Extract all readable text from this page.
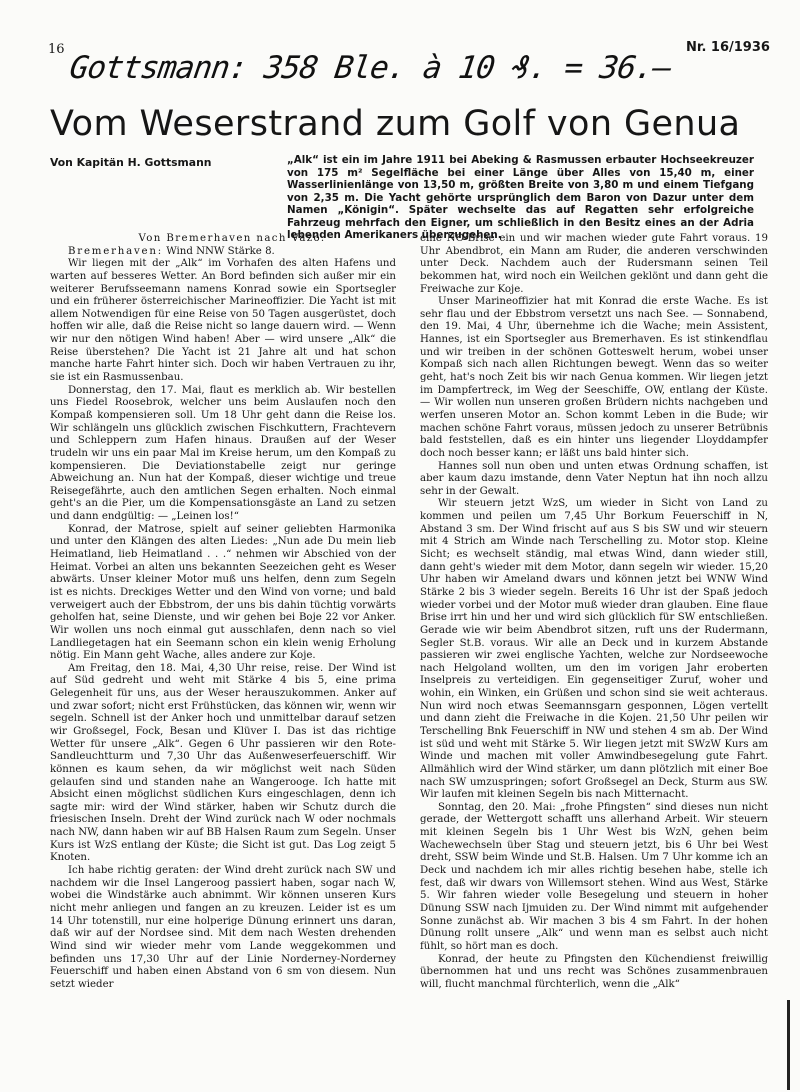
16	Nr. 16/1936
Gottsmann: 358 Ble. à 10 ₰. = 36.–
Vom Weserstrand zum Golf von Genua
Von Kapitän H. Gottsmann	„Alk“ ist ein im Jahre 1911 bei Abeking & Rasmussen erbauter Hochseekreuzer von 175 m² Segelfläche bei einer Länge über Alles von 15,40 m, einer Wasserlinienlänge von 13,50 m, größten Breite von 3,80 m und einem Tiefgang von 2,35 m. Die Yacht gehörte ursprünglich dem Baron von Dazur unter dem Namen „Königin“. Später wechselte das auf Regatten sehr erfolgreiche Fahrzeug mehrfach den Eigner, um schließlich in den Besitz eines an der Adria lebenden Amerikaners überzugehen.

Von Bremerhaven nach Väzo.

Bremerhaven: Wind NNW Stärke 8.

Wir liegen mit der „Alk“ im Vorhafen des alten Hafens und warten auf besseres Wetter. An Bord befinden sich außer mir ein weiterer Berufsseemann namens Konrad sowie ein Sportsegler und ein früherer österreichischer Marineoffizier. Die Yacht ist mit allem Notwendigen für eine Reise von 50 Tagen ausgerüstet, doch hoffen wir alle, daß die Reise nicht so lange dauern wird. — Wenn wir nur den nötigen Wind haben! Aber — wird unsere „Alk“ die Reise überstehen? Die Yacht ist 21 Jahre alt und hat schon manche harte Fahrt hinter sich. Doch wir haben Vertrauen zu ihr, sie ist ein Rasmussenbau.

Donnerstag, den 17. Mai, flaut es merklich ab. Wir bestellen uns Fiedel Roosebrok, welcher uns beim Auslaufen noch den Kompaß kompensieren soll. Um 18 Uhr geht dann die Reise los. Wir schlängeln uns glücklich zwischen Fischkuttern, Frachtevern und Schleppern zum Hafen hinaus. Draußen auf der Weser trudeln wir uns ein paar Mal im Kreise herum, um den Kompaß zu kompensieren. Die Deviationstabelle zeigt nur geringe Abweichung an. Nun hat der Kompaß, dieser wichtige und treue Reisegefährte, auch den amtlichen Segen erhalten. Noch einmal geht's an die Pier, um die Kompensationsgäste an Land zu setzen und dann endgültig: — „Leinen los!“

Konrad, der Matrose, spielt auf seiner geliebten Harmonika und unter den Klängen des alten Liedes: „Nun ade Du mein lieb Heimatland, lieb Heimatland . . .“ nehmen wir Abschied von der Heimat. Vorbei an alten uns bekannten Seezeichen geht es Weser abwärts. Unser kleiner Motor muß uns helfen, denn zum Segeln ist es nichts. Dreckiges Wetter und den Wind von vorne; und bald verweigert auch der Ebbstrom, der uns bis dahin tüchtig vorwärts geholfen hat, seine Dienste, und wir gehen bei Boje 22 vor Anker. Wir wollen uns noch einmal gut ausschlafen, denn nach so viel Landliegetagen hat ein Seemann schon ein klein wenig Erholung nötig. Ein Mann geht Wache, alles andere zur Koje.

Am Freitag, den 18. Mai, 4,30 Uhr reise, reise. Der Wind ist auf Süd gedreht und weht mit Stärke 4 bis 5, eine prima Gelegenheit für uns, aus der Weser herauszukommen. Anker auf und zwar sofort; nicht erst Frühstücken, das können wir, wenn wir segeln. Schnell ist der Anker hoch und unmittelbar darauf setzen wir Großsegel, Fock, Besan und Klüver I. Das ist das richtige Wetter für unsere „Alk“. Gegen 6 Uhr passieren wir den Rote-Sandleuchtturm und 7,30 Uhr das Außenweserfeuerschiff. Wir können es kaum sehen, da wir möglichst weit nach Süden gelaufen sind und standen nahe an Wangerooge. Ich hatte mit Absicht einen möglichst südlichen Kurs eingeschlagen, denn ich sagte mir: wird der Wind stärker, haben wir Schutz durch die friesischen Inseln. Dreht der Wind zurück nach W oder nochmals nach NW, dann haben wir auf BB Halsen Raum zum Segeln. Unser Kurs ist WzS entlang der Küste; die Sicht ist gut. Das Log zeigt 5 Knoten.

Ich habe richtig geraten: der Wind dreht zurück nach SW und nachdem wir die Insel Langeroog passiert haben, sogar nach W, wobei die Windstärke auch abnimmt. Wir können unseren Kurs nicht mehr anliegen und fangen an zu kreuzen. Leider ist es um 14 Uhr totenstill, nur eine holperige Dünung erinnert uns daran, daß wir auf der Nordsee sind. Mit dem nach Westen drehenden Wind sind wir wieder mehr vom Lande weggekommen und befinden uns 17,30 Uhr auf der Linie Norderney-Norderney Feuerschiff und haben einen Abstand von 6 sm von diesem. Nun setzt wieder

eine NO-Brise ein und wir machen wieder gute Fahrt voraus. 19 Uhr Abendbrot, ein Mann am Ruder, die anderen verschwinden unter Deck. Nachdem auch der Rudersmann seinen Teil bekommen hat, wird noch ein Weilchen geklönt und dann geht die Freiwache zur Koje.

Unser Marineoffizier hat mit Konrad die erste Wache. Es ist sehr flau und der Ebbstrom versetzt uns nach See. — Sonnabend, den 19. Mai, 4 Uhr, übernehme ich die Wache; mein Assistent, Hannes, ist ein Sportsegler aus Bremerhaven. Es ist stinkendflau und wir treiben in der schönen Gotteswelt herum, wobei unser Kompaß sich nach allen Richtungen bewegt. Wenn das so weiter geht, hat's noch Zeit bis wir nach Genua kommen. Wir liegen jetzt im Dampfertreck, im Weg der Seeschiffe, OW, entlang der Küste. — Wir wollen nun unseren großen Brüdern nichts nachgeben und werfen unseren Motor an. Schon kommt Leben in die Bude; wir machen schöne Fahrt voraus, müssen jedoch zu unserer Betrübnis bald feststellen, daß es ein hinter uns liegender Lloyddampfer doch noch besser kann; er läßt uns bald hinter sich.

Hannes soll nun oben und unten etwas Ordnung schaffen, ist aber kaum dazu imstande, denn Vater Neptun hat ihn noch allzu sehr in der Gewalt.

Wir steuern jetzt WzS, um wieder in Sicht von Land zu kommen und peilen um 7,45 Uhr Borkum Feuerschiff in N, Abstand 3 sm. Der Wind frischt auf aus S bis SW und wir steuern mit 4 Strich am Winde nach Terschelling zu. Motor stop. Kleine Sicht; es wechselt ständig, mal etwas Wind, dann wieder still, dann geht's wieder mit dem Motor, dann segeln wir wieder. 15,20 Uhr haben wir Ameland dwars und können jetzt bei WNW Wind Stärke 2 bis 3 wieder segeln. Bereits 16 Uhr ist der Spaß jedoch wieder vorbei und der Motor muß wieder dran glauben. Eine flaue Brise irrt hin und her und wird sich glücklich für SW entschließen. Gerade wie wir beim Abendbrot sitzen, ruft uns der Rudermann, Segler St.B. voraus. Wir alle an Deck und in kurzem Abstande passieren wir zwei englische Yachten, welche zur Nordseewoche nach Helgoland wollten, um den im vorigen Jahr eroberten Inselpreis zu verteidigen. Ein gegenseitiger Zuruf, woher und wohin, ein Winken, ein Grüßen und schon sind sie weit achteraus. Nun wird noch etwas Seemannsgarn gesponnen, Lögen vertellt und dann zieht die Freiwache in die Kojen. 21,50 Uhr peilen wir Terschelling Bnk Feuerschiff in NW und stehen 4 sm ab. Der Wind ist süd und weht mit Stärke 5. Wir liegen jetzt mit SWzW Kurs am Winde und machen mit voller Amwindbesegelung gute Fahrt. Allmählich wird der Wind stärker, um dann plötzlich mit einer Boe nach SW umzuspringen; sofort Großsegel an Deck, Sturm aus SW. Wir laufen mit kleinen Segeln bis nach Mitternacht.

Sonntag, den 20. Mai: „frohe Pfingsten“ sind dieses nun nicht gerade, der Wettergott schafft uns allerhand Arbeit. Wir steuern mit kleinen Segeln bis 1 Uhr West bis WzN, gehen beim Wachewechseln über Stag und steuern jetzt, bis 6 Uhr bei West dreht, SSW beim Winde und St.B. Halsen. Um 7 Uhr komme ich an Deck und nachdem ich mir alles richtig besehen habe, stelle ich fest, daß wir dwars von Willemsort stehen. Wind aus West, Stärke 5. Wir fahren wieder volle Besegelung und steuern in hoher Dünung SSW nach Ijmuiden zu. Der Wind nimmt mit aufgehender Sonne zunächst ab. Wir machen 3 bis 4 sm Fahrt. In der hohen Dünung rollt unsere „Alk“ und wenn man es selbst auch nicht fühlt, so hört man es doch.

Konrad, der heute zu Pfingsten den Küchendienst freiwillig übernommen hat und uns recht was Schönes zusammenbrauen will, flucht manchmal fürchterlich, wenn die „Alk“
